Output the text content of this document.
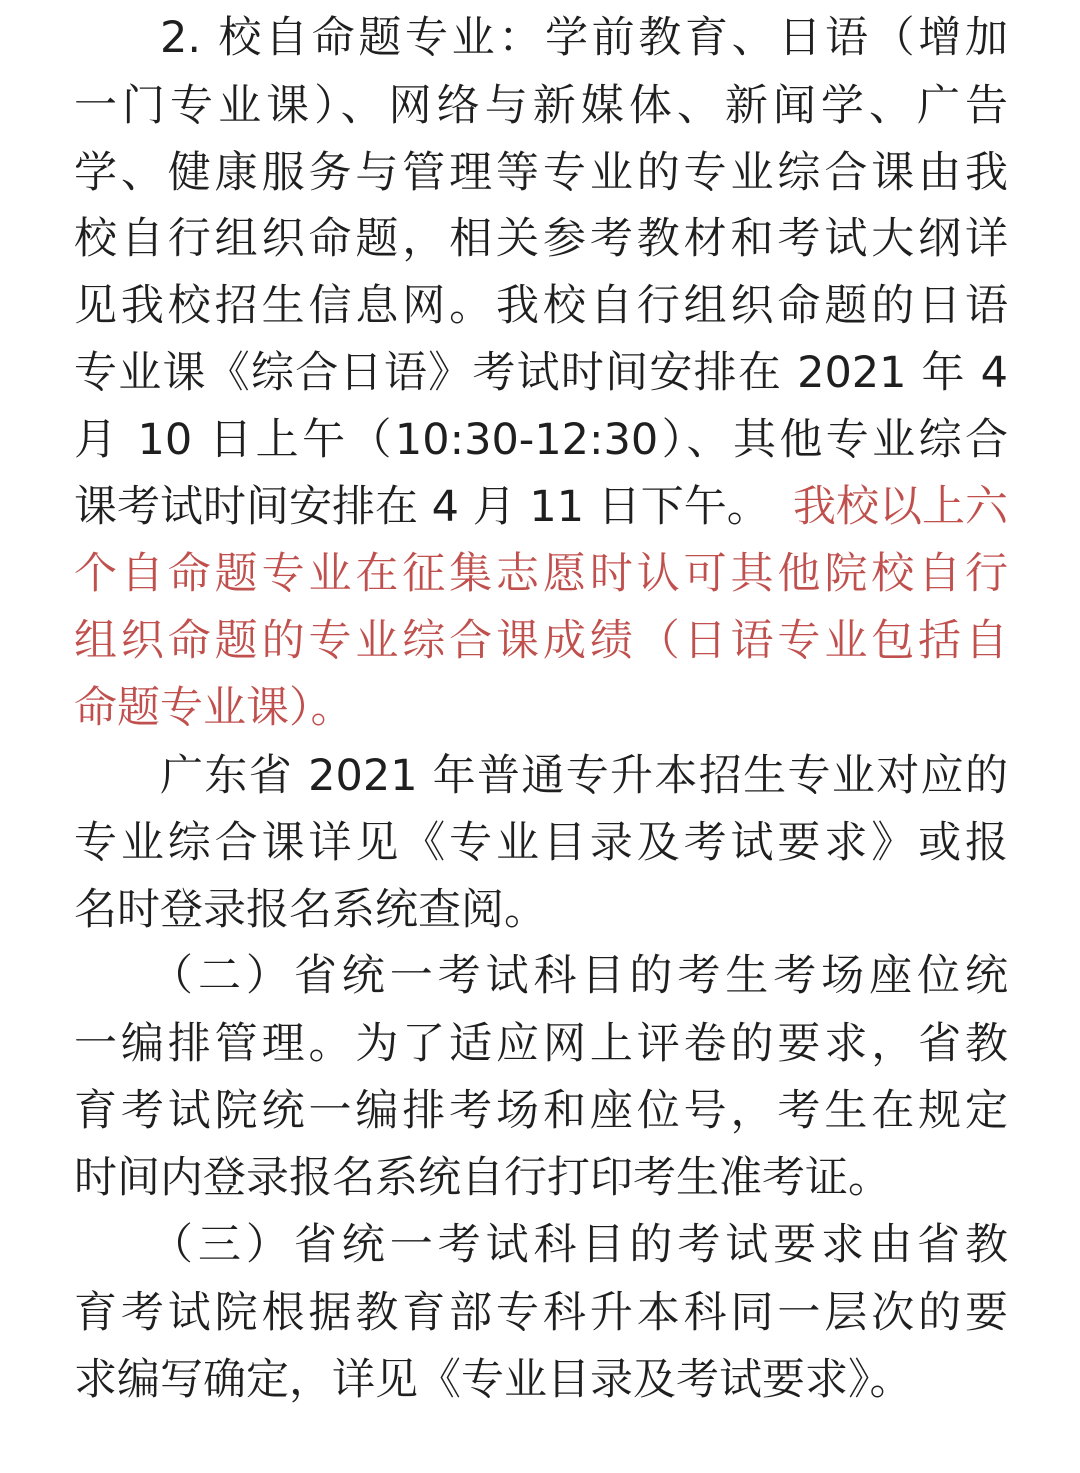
2. 校自命题专业：学前教育、日语（增加
一门专业课）、网络与新媒体、新闻学、广告
学、健康服务与管理等专业的专业综合课由我
校自行组织命题，相关参考教材和考试大纲详
见我校招生信息网。我校自行组织命题的日语
专业课《综合日语》考试时间安排在 2021 年 4
月 10 日上午（10:30-12:30）、其他专业综合
课考试时间安排在 4 月 11 日下午。 我校以上六
个自命题专业在征集志愿时认可其他院校自行
组织命题的专业综合课成绩（日语专业包括自
命题专业课）。
广东省 2021 年普通专升本招生专业对应的
专业综合课详见《专业目录及考试要求》或报
名时登录报名系统查阅。
（二）省统一考试科目的考生考场座位统
一编排管理。为了适应网上评卷的要求，省教
育考试院统一编排考场和座位号，考生在规定
时间内登录报名系统自行打印考生准考证。
（三）省统一考试科目的考试要求由省教
育考试院根据教育部专科升本科同一层次的要
求编写确定，详见《专业目录及考试要求》。
